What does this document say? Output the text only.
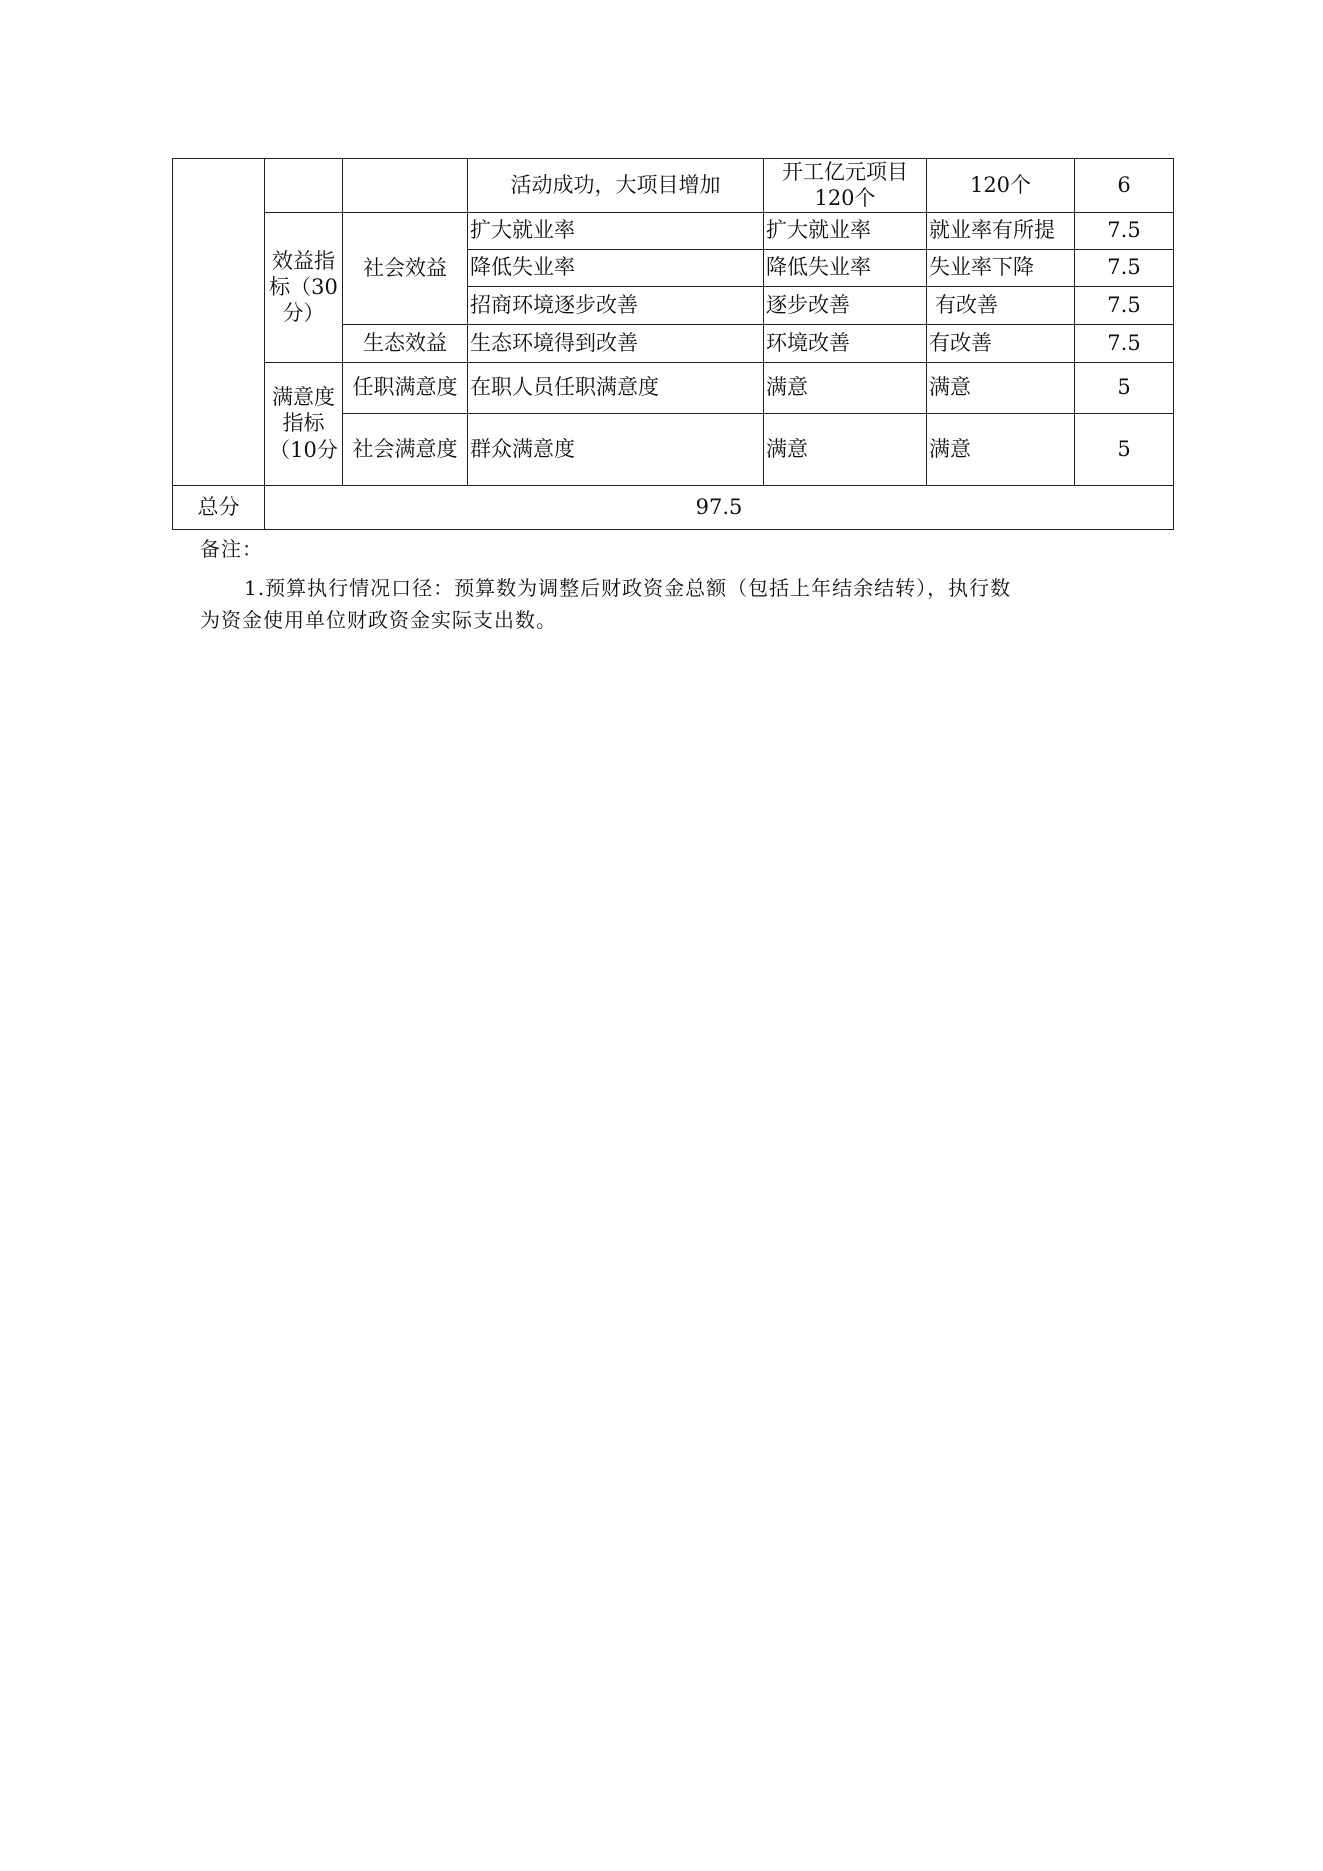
			活动成功，大项目增加	开工亿元项目120个	120个	6
	效益指标（30分）	社会效益	扩大就业率	扩大就业率	就业率有所提	7.5
			降低失业率	降低失业率	失业率下降	7.5
			招商环境逐步改善	逐步改善	有改善	7.5
		生态效益	生态环境得到改善	环境改善	有改善	7.5
	满意度指标（10分	任职满意度	在职人员任职满意度	满意	满意	5
		社会满意度	群众满意度	满意	满意	5

总分	97.5					

备注：

1.预算执行情况口径：预算数为调整后财政资金总额（包括上年结余结转），执行数
为资金使用单位财政资金实际支出数。
